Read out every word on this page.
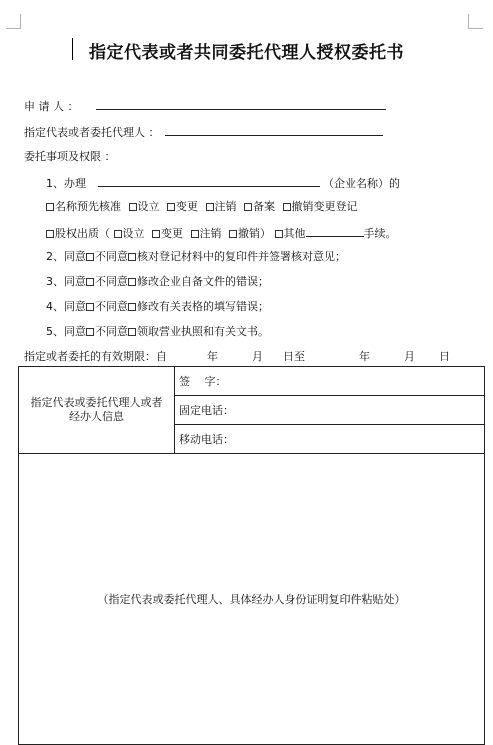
指定代表或者共同委托代理人授权委托书
申 请 人 ：
指定代表或者委托代理人 ：
委托事项及权限 ：
1、办理	（企业名称）的
名称预先核准 设立 变更 注销 备案 撤销变更登记
股权出质（ 设立 变更 注销 撤销） 其他	手续。
2、同意 不同意 核对登记材料中的复印件并签署核对意见；
3、同意 不同意 修改企业自备文件的错误；
4、同意 不同意 修改有关表格的填写错误；
5、同意 不同意 领取营业执照和有关文书。
指定或者委托的有效期限：自	年	月 日至	年	月 日
指定代表或委托代理人或者经办人信息
	签　 字：
固定电话：
移动电话：
（指定代表或委托代理人、具体经办人身份证明复印件粘贴处）
